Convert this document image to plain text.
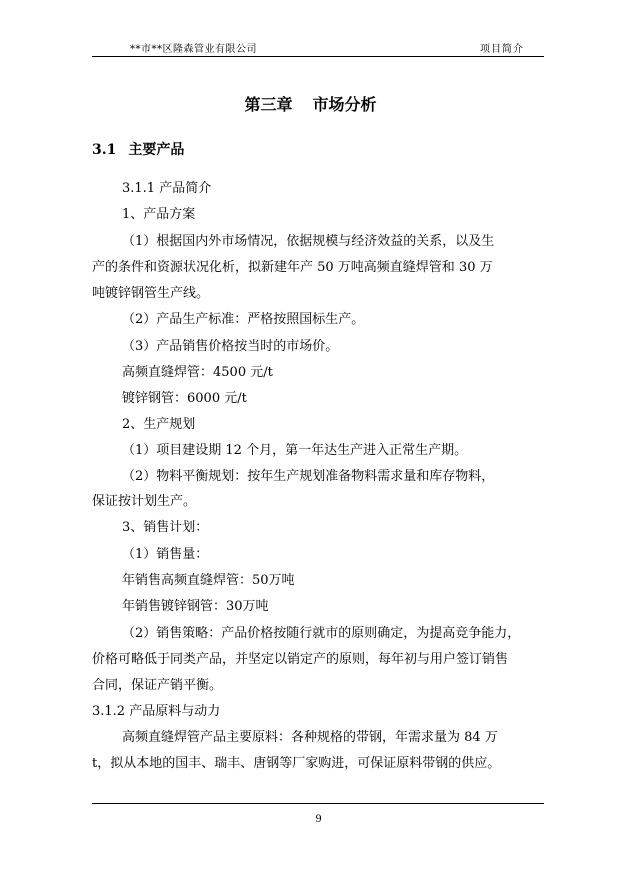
**市**区隆森管业有限公司	项目简介
第三章 市场分析
3.1 主要产品
3.1.1 产品简介
1、产品方案
（1）根据国内外市场情况，依据规模与经济效益的关系，以及生
产的条件和资源状况化析，拟新建年产 50 万吨高频直缝焊管和 30 万
吨镀锌钢管生产线。
（2）产品生产标准：严格按照国标生产。
（3）产品销售价格按当时的市场价。
高频直缝焊管：4500 元/t
镀锌钢管：6000 元/t
2、生产规划
（1）项目建设期 12 个月，第一年达生产进入正常生产期。
（2）物料平衡规划：按年生产规划准备物料需求量和库存物料，
保证按计划生产。
3、销售计划：
（1）销售量：
年销售高频直缝焊管：50万吨
年销售镀锌钢管：30万吨
（2）销售策略：产品价格按随行就市的原则确定，为提高竞争能力，
价格可略低于同类产品，并坚定以销定产的原则，每年初与用户签订销售
合同，保证产销平衡。
3.1.2 产品原料与动力
高频直缝焊管产品主要原料：各种规格的带钢，年需求量为 84 万
t，拟从本地的国丰、瑞丰、唐钢等厂家购进，可保证原料带钢的供应。
9
